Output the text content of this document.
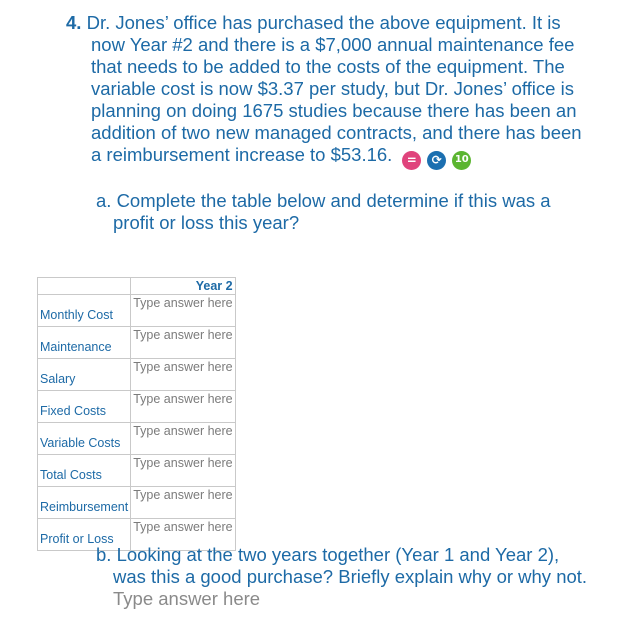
4. Dr. Jones’ office has purchased the above equipment. It is
now Year #2 and there is a $7,000 annual maintenance fee
that needs to be added to the costs of the equipment. The
variable cost is now $3.37 per study, but Dr. Jones’ office is
planning on doing 1675 studies because there has been an
addition of two new managed contracts, and there has been
a reimbursement increase to $53.16.	=	⟳	10
a. Complete the table below and determine if this was a
profit or loss this year?
	Year 2
Monthly Cost	Type answer here
Maintenance	Type answer here
Salary	Type answer here
Fixed Costs	Type answer here
Variable Costs	Type answer here
Total Costs	Type answer here
Reimbursement	Type answer here
Profit or Loss	Type answer here
b. Looking at the two years together (Year 1 and Year 2),
was this a good purchase? Briefly explain why or why not.
Type answer here
